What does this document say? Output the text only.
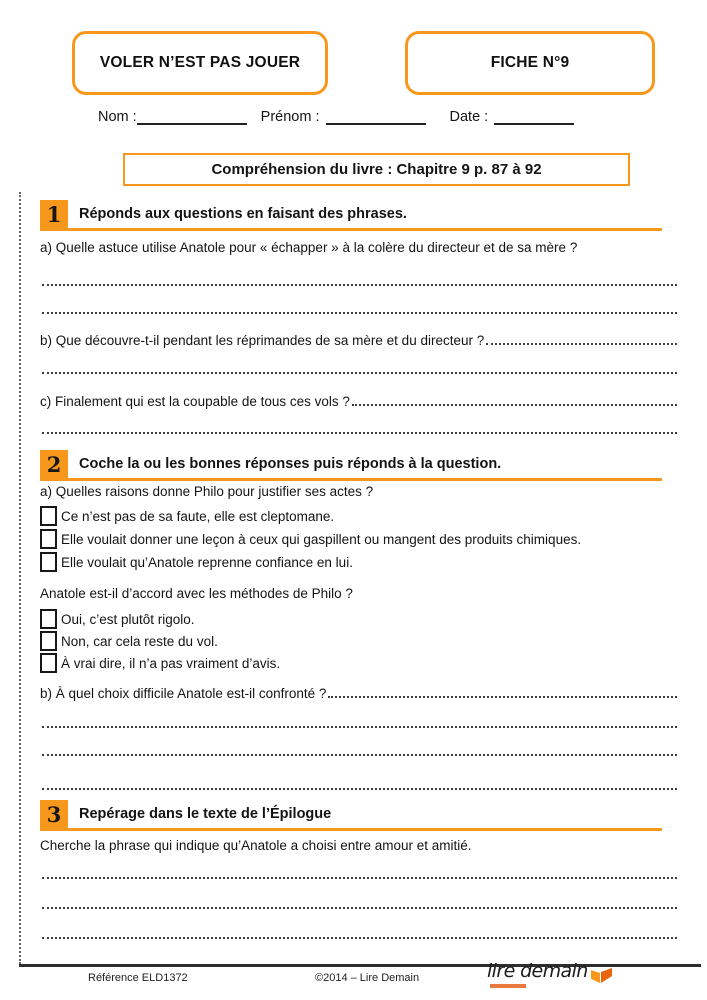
VOLER N’EST PAS JOUER	FICHE N°9
Nom :	Prénom :	Date :
Compréhension du livre : Chapitre 9 p. 87 à 92
1	Réponds aux questions en faisant des phrases.
a) Quelle astuce utilise Anatole pour « échapper » à la colère du directeur et de sa mère ?
b) Que découvre-t-il pendant les réprimandes de sa mère et du directeur ?
c) Finalement qui est la coupable de tous ces vols ?
2	Coche la ou les bonnes réponses puis réponds à la question.
a) Quelles raisons donne Philo pour justifier ses actes ?
Ce n’est pas de sa faute, elle est cleptomane.
Elle voulait donner une leçon à ceux qui gaspillent ou mangent des produits chimiques.
Elle voulait qu’Anatole reprenne confiance en lui.
Anatole est-il d’accord avec les méthodes de Philo ?
Oui, c’est plutôt rigolo.
Non, car cela reste du vol.
À vrai dire, il n’a pas vraiment d’avis.
b) À quel choix difficile Anatole est-il confronté ?
3	Repérage dans le texte de l’Épilogue
Cherche la phrase qui indique qu’Anatole a choisi entre amour et amitié.
Référence ELD1372	©2014 – Lire Demain	lire demain
